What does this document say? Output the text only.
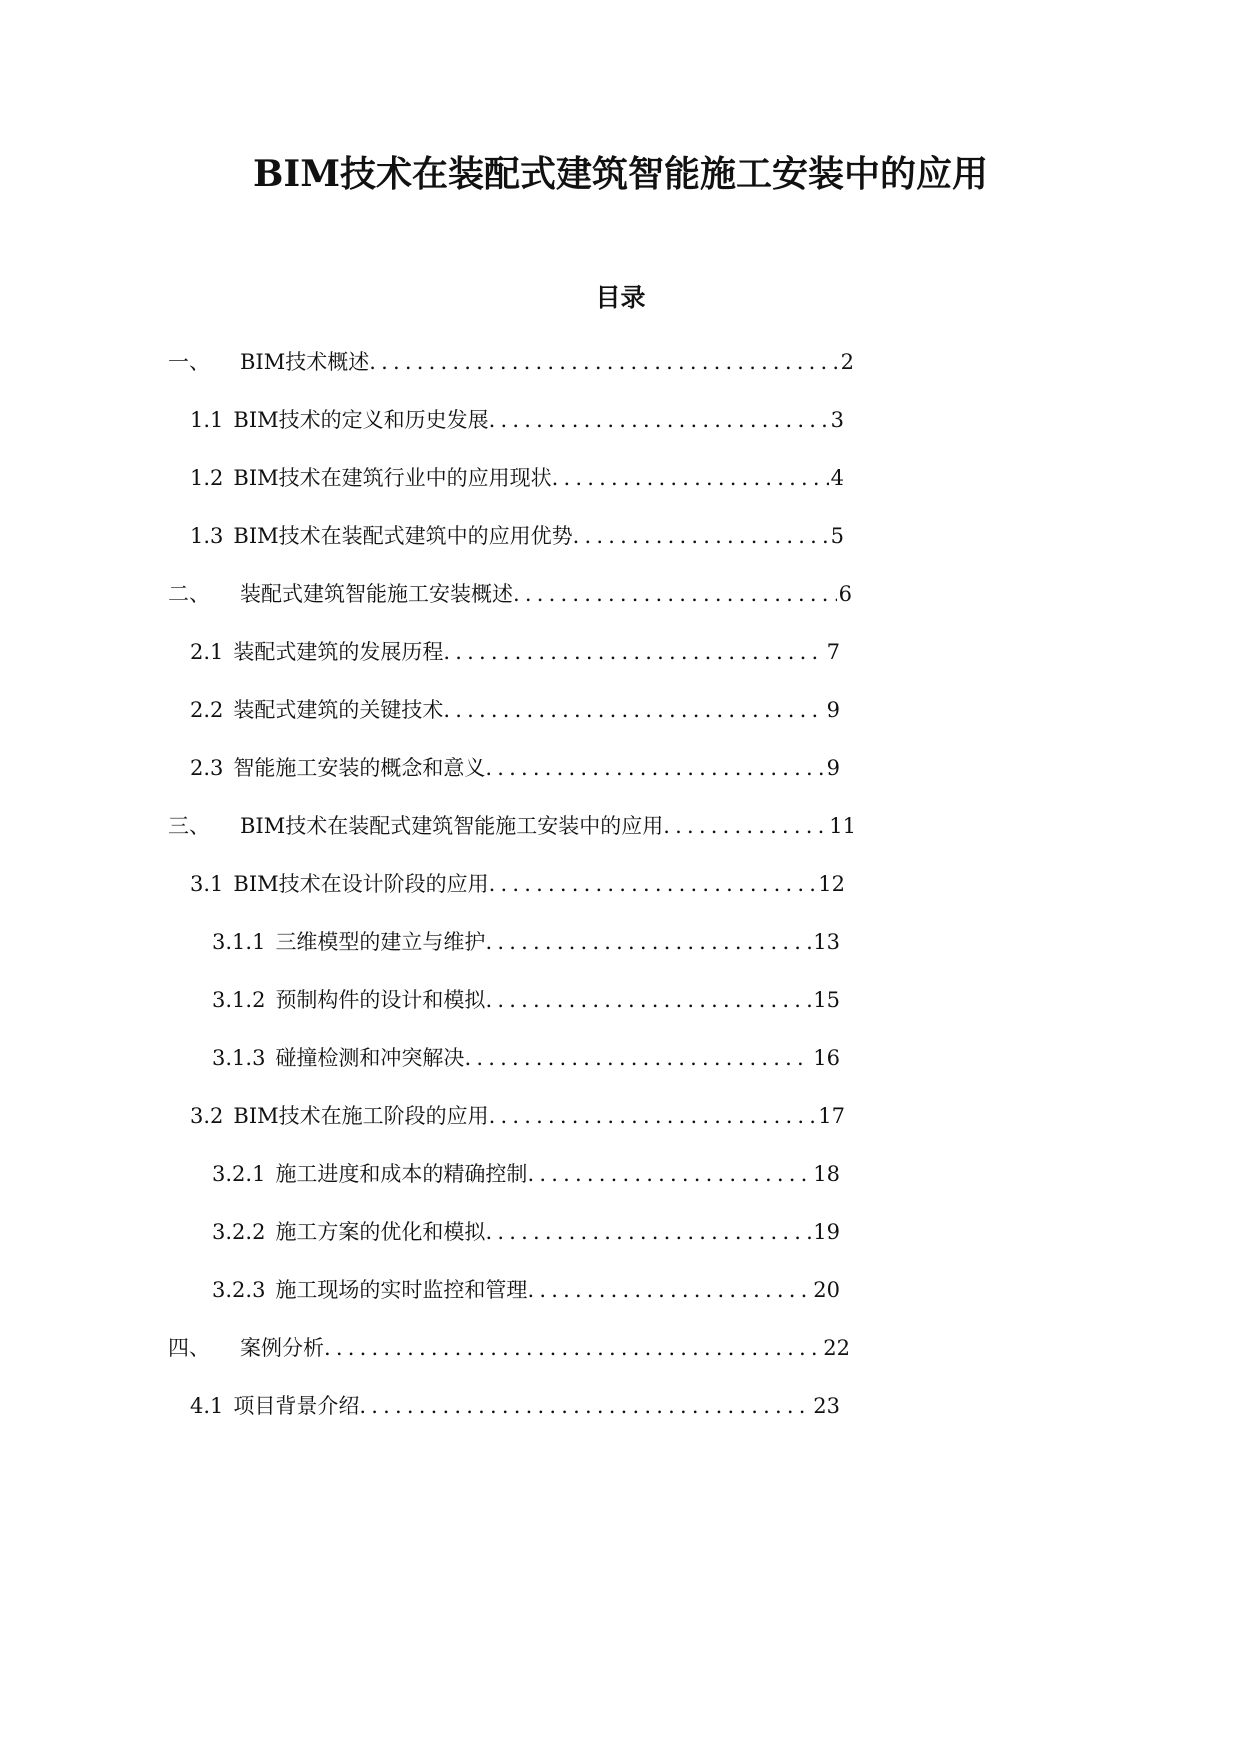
BIM技术在装配式建筑智能施工安装中的应用
目录
一、	BIM技术概述 .....	2
1.1 BIM技术的定义和历史发展 .....	3
1.2 BIM技术在建筑行业中的应用现状 .....	4
1.3 BIM技术在装配式建筑中的应用优势 .....	5
二、	装配式建筑智能施工安装概述 .....	6
2.1 装配式建筑的发展历程 .....	7
2.2 装配式建筑的关键技术 .....	9
2.3 智能施工安装的概念和意义 .....	9
三、	BIM技术在装配式建筑智能施工安装中的应用 .....	11
3.1 BIM技术在设计阶段的应用 .....	12
3.1.1 三维模型的建立与维护 .....	13
3.1.2 预制构件的设计和模拟 .....	15
3.1.3 碰撞检测和冲突解决 .....	16
3.2 BIM技术在施工阶段的应用 .....	17
3.2.1 施工进度和成本的精确控制 .....	18
3.2.2 施工方案的优化和模拟 .....	19
3.2.3 施工现场的实时监控和管理 .....	20
四、	案例分析 .....	22
4.1 项目背景介绍 .....	23
